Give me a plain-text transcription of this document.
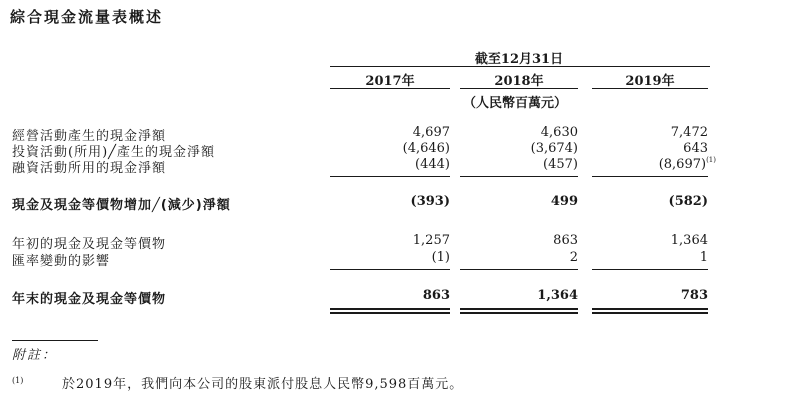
綜合現金流量表概述
截至12月31日
2017年	2018年	2019年
（人民幣百萬元）
經營活動產生的現金淨額	4,697	4,630	7,472
投資活動(所用)╱產生的現金淨額	(4,646)	(3,674)	643
融資活動所用的現金淨額	(444)	(457)	$(8,697)^{(1)}$
現金及現金等價物增加╱(減少)淨額	(393)	499	(582)
年初的現金及現金等價物	1,257	863	1,364
匯率變動的影響	(1)	2	1
年末的現金及現金等價物	863	1,364	783
附註：
(1)	於2019年，我們向本公司的股東派付股息人民幣9,598百萬元。
